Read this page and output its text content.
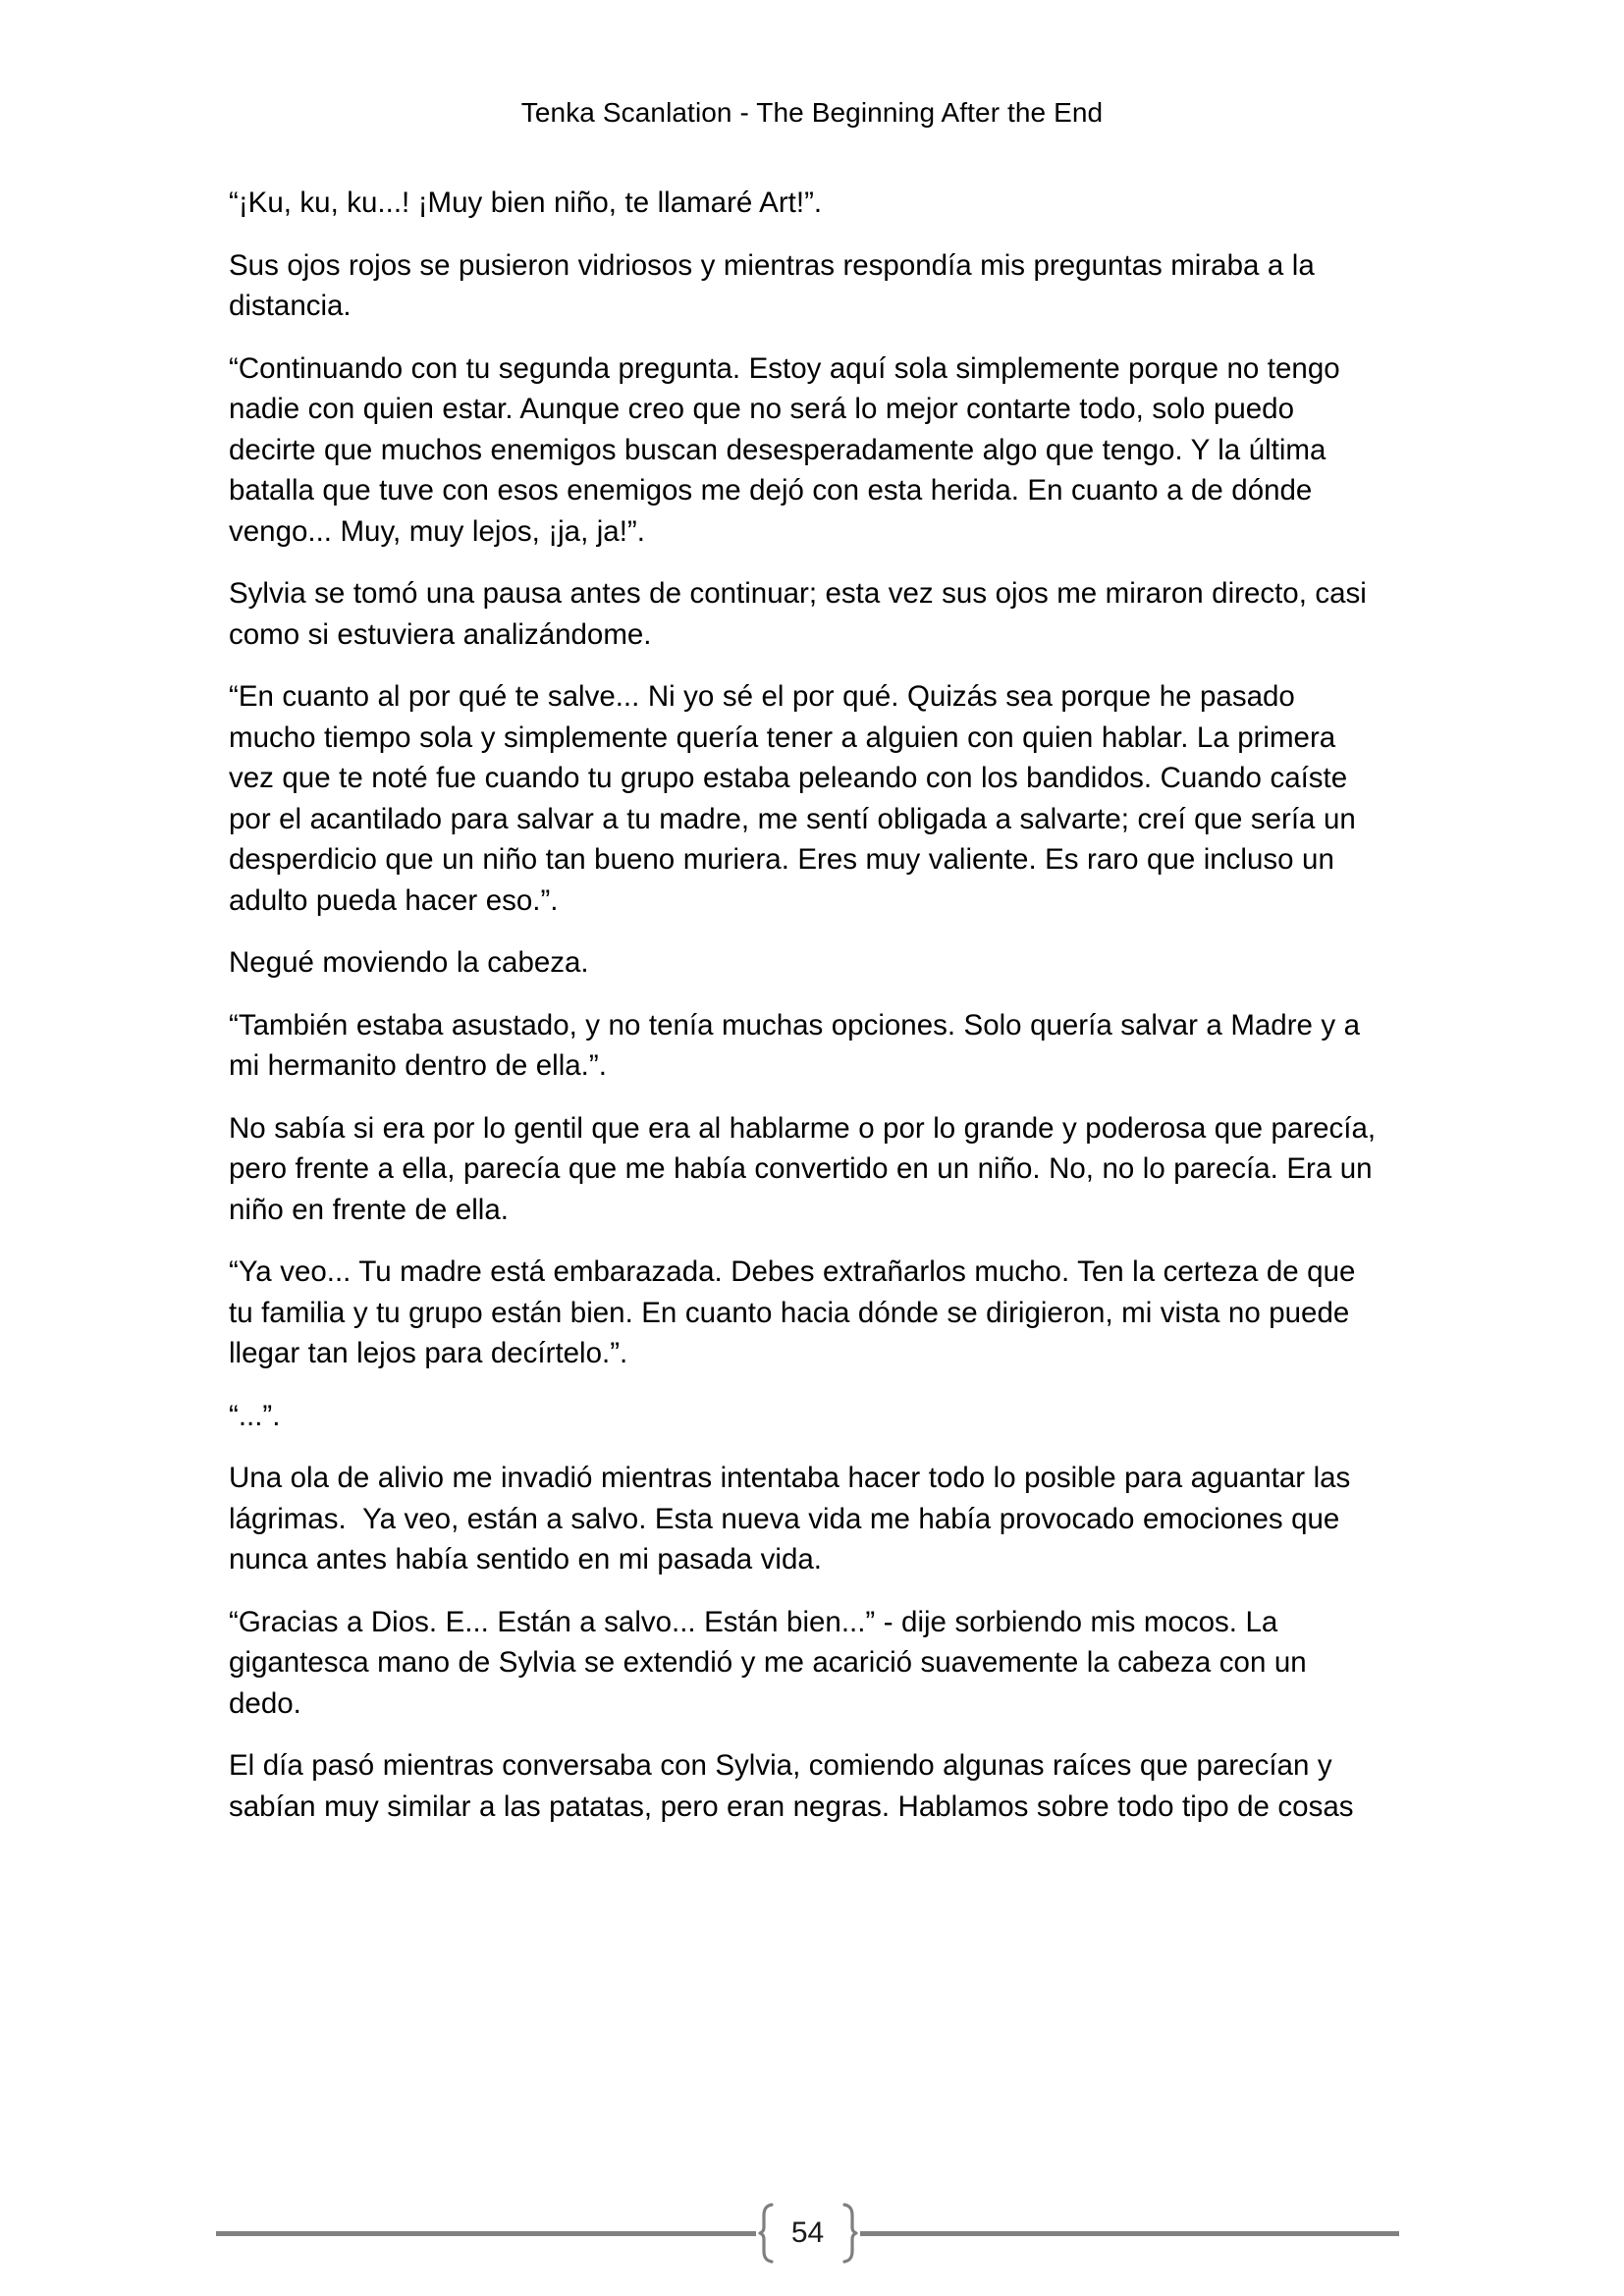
Tenka Scanlation - The Beginning After the End

“¡Ku, ku, ku...! ¡Muy bien niño, te llamaré Art!”.

Sus ojos rojos se pusieron vidriosos y mientras respondía mis preguntas miraba a la distancia.

“Continuando con tu segunda pregunta. Estoy aquí sola simplemente porque no tengo nadie con quien estar. Aunque creo que no será lo mejor contarte todo, solo puedo decirte que muchos enemigos buscan desesperadamente algo que tengo. Y la última batalla que tuve con esos enemigos me dejó con esta herida. En cuanto a de dónde vengo... Muy, muy lejos, ¡ja, ja!”.

Sylvia se tomó una pausa antes de continuar; esta vez sus ojos me miraron directo, casi como si estuviera analizándome.

“En cuanto al por qué te salve... Ni yo sé el por qué. Quizás sea porque he pasado mucho tiempo sola y simplemente quería tener a alguien con quien hablar. La primera vez que te noté fue cuando tu grupo estaba peleando con los bandidos. Cuando caíste por el acantilado para salvar a tu madre, me sentí obligada a salvarte; creí que sería un desperdicio que un niño tan bueno muriera. Eres muy valiente. Es raro que incluso un adulto pueda hacer eso.”.

Negué moviendo la cabeza.

“También estaba asustado, y no tenía muchas opciones. Solo quería salvar a Madre y a mi hermanito dentro de ella.”.

No sabía si era por lo gentil que era al hablarme o por lo grande y poderosa que parecía, pero frente a ella, parecía que me había convertido en un niño. No, no lo parecía. Era un niño en frente de ella.

“Ya veo... Tu madre está embarazada. Debes extrañarlos mucho. Ten la certeza de que tu familia y tu grupo están bien. En cuanto hacia dónde se dirigieron, mi vista no puede llegar tan lejos para decírtelo.”.

“...”.

Una ola de alivio me invadió mientras intentaba hacer todo lo posible para aguantar las lágrimas.  Ya veo, están a salvo. Esta nueva vida me había provocado emociones que nunca antes había sentido en mi pasada vida.

“Gracias a Dios. E... Están a salvo... Están bien...” - dije sorbiendo mis mocos. La gigantesca mano de Sylvia se extendió y me acarició suavemente la cabeza con un dedo.

El día pasó mientras conversaba con Sylvia, comiendo algunas raíces que parecían y sabían muy similar a las patatas, pero eran negras. Hablamos sobre todo tipo de cosas

54
